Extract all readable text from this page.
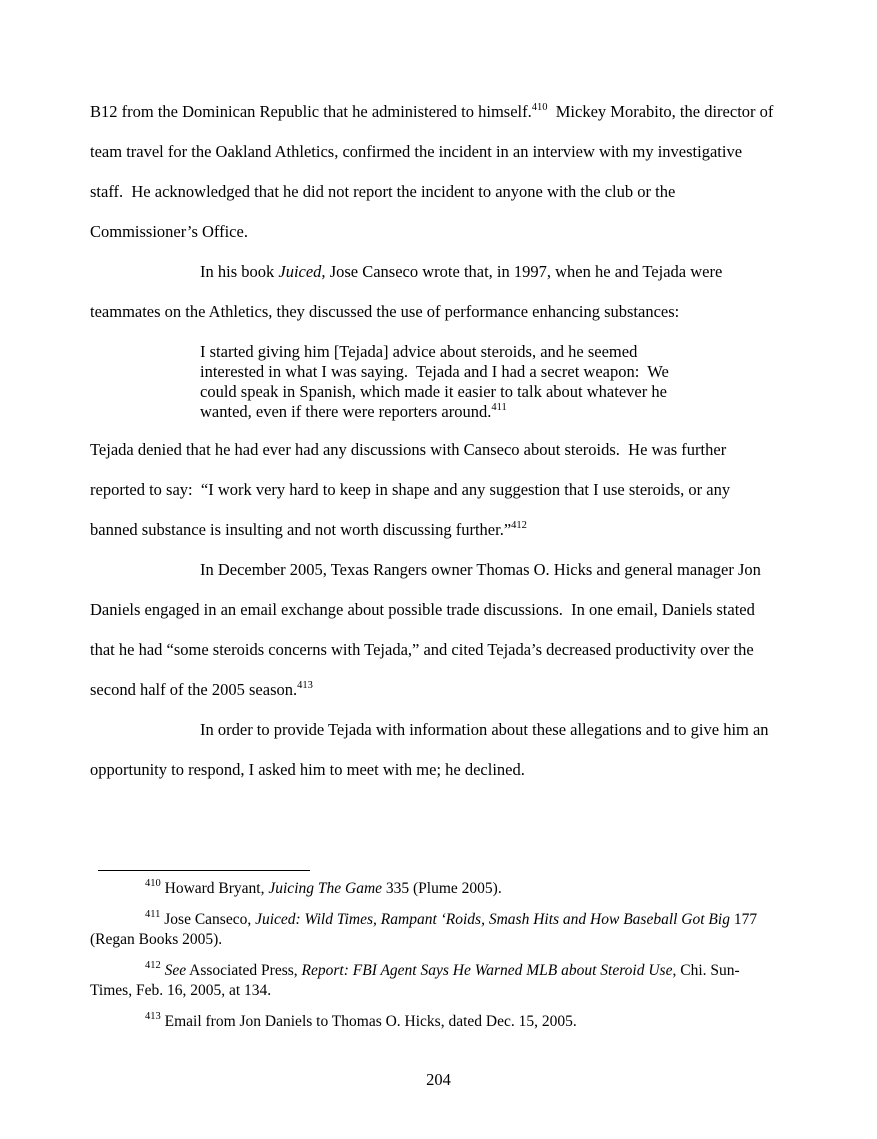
B12 from the Dominican Republic that he administered to himself.$^{410}$  Mickey Morabito, the director of team travel for the Oakland Athletics, confirmed the incident in an interview with my investigative staff.  He acknowledged that he did not report the incident to anyone with the club or the Commissioner’s Office.

In his book Juiced, Jose Canseco wrote that, in 1997, when he and Tejada were teammates on the Athletics, they discussed the use of performance enhancing substances:

I started giving him [Tejada] advice about steroids, and he seemed interested in what I was saying.  Tejada and I had a secret weapon:  We could speak in Spanish, which made it easier to talk about whatever he wanted, even if there were reporters around.$^{411}$

Tejada denied that he had ever had any discussions with Canseco about steroids.  He was further reported to say:  “I work very hard to keep in shape and any suggestion that I use steroids, or any banned substance is insulting and not worth discussing further.”$^{412}$

In December 2005, Texas Rangers owner Thomas O. Hicks and general manager Jon Daniels engaged in an email exchange about possible trade discussions.  In one email, Daniels stated that he had “some steroids concerns with Tejada,” and cited Tejada’s decreased productivity over the second half of the 2005 season.$^{413}$

In order to provide Tejada with information about these allegations and to give him an opportunity to respond, I asked him to meet with me; he declined.

$^{410}$ Howard Bryant, Juicing The Game 335 (Plume 2005).

$^{411}$ Jose Canseco, Juiced: Wild Times, Rampant ‘Roids, Smash Hits and How Baseball Got Big 177 (Regan Books 2005).

$^{412}$ See Associated Press, Report: FBI Agent Says He Warned MLB about Steroid Use, Chi. Sun-Times, Feb. 16, 2005, at 134.

$^{413}$ Email from Jon Daniels to Thomas O. Hicks, dated Dec. 15, 2005.

204
